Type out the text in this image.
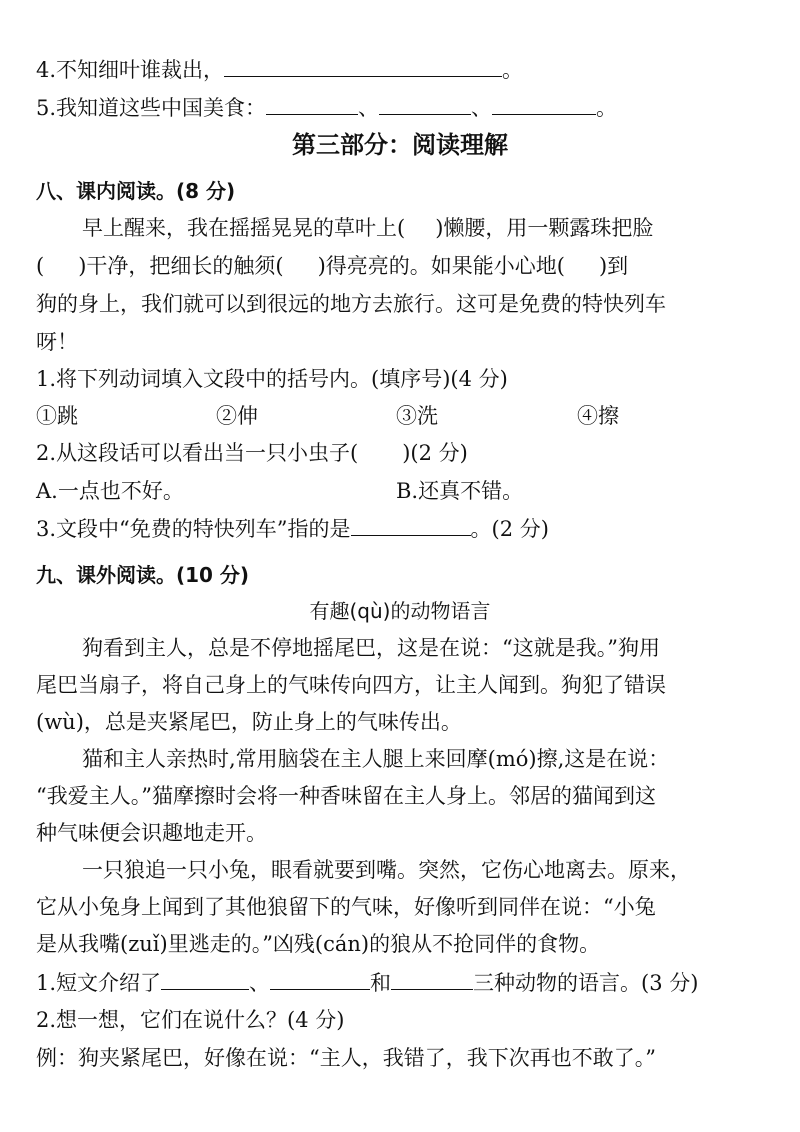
4.不知细叶谁裁出，	。
5.我知道这些中国美食：	、	、	。
第三部分：阅读理解
八、课内阅读。(8 分)
早上醒来，我在摇摇晃晃的草叶上( )懒腰，用一颗露珠把脸
( )干净，把细长的触须( )得亮亮的。如果能小心地( )到
狗的身上，我们就可以到很远的地方去旅行。这可是免费的特快列车
呀！
1.将下列动词填入文段中的括号内。(填序号)(4 分)
①跳	②伸	③洗	④擦
2.从这段话可以看出当一只小虫子( )(2 分)
A.一点也不好。	B.还真不错。
3.文段中“免费的特快列车”指的是	。(2 分)
九、课外阅读。(10 分)
有趣(qù)的动物语言
狗看到主人，总是不停地摇尾巴，这是在说：“这就是我。”狗用
尾巴当扇子，将自己身上的气味传向四方，让主人闻到。狗犯了错误
(wù)，总是夹紧尾巴，防止身上的气味传出。
猫和主人亲热时,常用脑袋在主人腿上来回摩(mó)擦,这是在说：
“我爱主人。”猫摩擦时会将一种香味留在主人身上。邻居的猫闻到这
种气味便会识趣地走开。
一只狼追一只小兔，眼看就要到嘴。突然，它伤心地离去。原来，
它从小兔身上闻到了其他狼留下的气味，好像听到同伴在说：“小兔
是从我嘴(zuǐ)里逃走的。”凶残(cán)的狼从不抢同伴的食物。
1.短文介绍了	、	和	三种动物的语言。(3 分)
2.想一想，它们在说什么？(4 分)
例：狗夹紧尾巴，好像在说：“主人，我错了，我下次再也不敢了。”
